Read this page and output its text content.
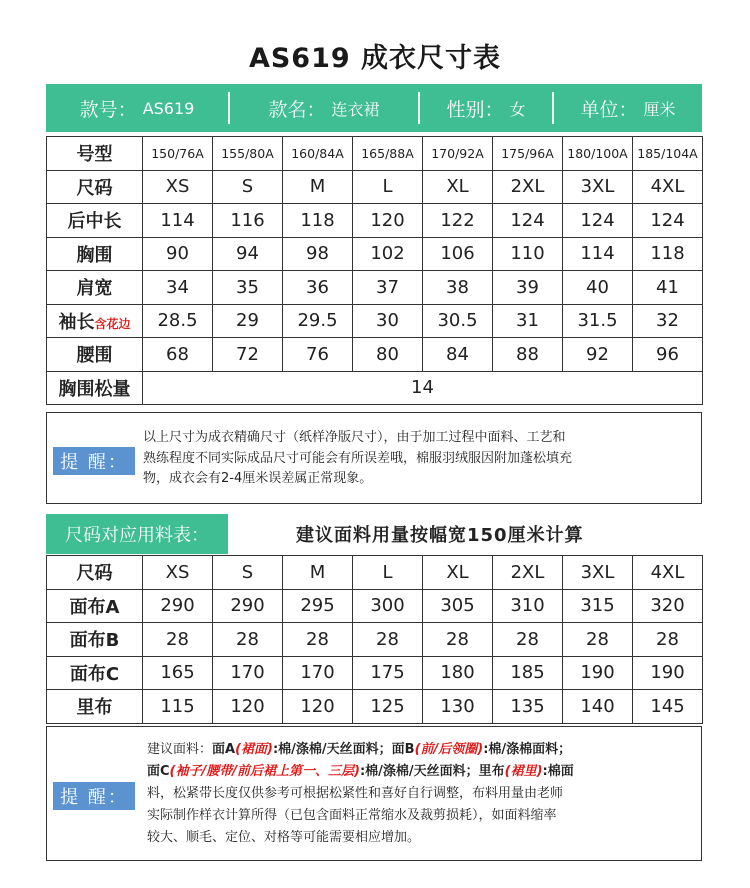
AS619 成衣尺寸表
款号： AS619	款名： 连衣裙	性别： 女	单位： 厘米
号型	150/76A	155/80A	160/84A	165/88A	170/92A	175/96A	180/100A	185/104A
尺码	XS	S	M	L	XL	2XL	3XL	4XL
后中长	114	116	118	120	122	124	124	124
胸围	90	94	98	102	106	110	114	118
肩宽	34	35	36	37	38	39	40	41
袖长含花边	28.5	29	29.5	30	30.5	31	31.5	32
腰围	68	72	76	80	84	88	92	96
胸围松量	14							
提 醒：
以上尺寸为成衣精确尺寸（纸样净版尺寸），由于加工过程中面料、工艺和
熟练程度不同实际成品尺寸可能会有所误差哦，棉服羽绒服因附加蓬松填充
物，成衣会有2-4厘米误差属正常现象。
尺码对应用料表：	建议面料用量按幅宽150厘米计算
尺码	XS	S	M	L	XL	2XL	3XL	4XL
面布A	290	290	295	300	305	310	315	320
面布B	28	28	28	28	28	28	28	28
面布C	165	170	170	175	180	185	190	190
里布	115	120	120	125	130	135	140	145
提 醒：
建议面料：面A(裙面):棉/涤棉/天丝面料；面B(前/后领圈):棉/涤棉面料；
面C(袖子/腰带/前后裙上第一、三层):棉/涤棉/天丝面料；里布(裙里):棉面
料，松紧带长度仅供参考可根据松紧性和喜好自行调整，布料用量由老师
实际制作样衣计算所得（已包含面料正常缩水及裁剪损耗），如面料缩率
较大、顺毛、定位、对格等可能需要相应增加。
